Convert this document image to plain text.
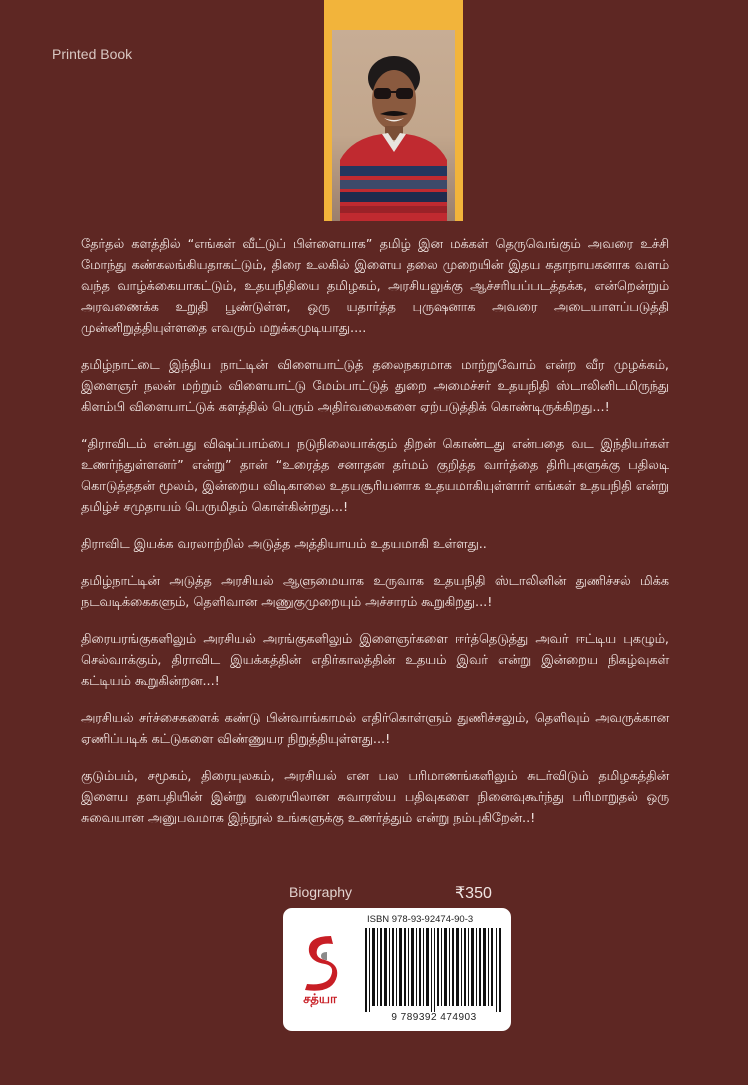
Printed Book

தேர்தல் களத்தில் “எங்கள் வீட்டுப் பிள்ளையாக” தமிழ் இன மக்கள் தெருவெங்கும் அவரை உச்சி மோந்து கண்கலங்கியதாகட்டும், திரை உலகில் இளைய தலை முறையின் இதய கதாநாயகனாக வளம் வந்த வாழ்க்கையாகட்டும், உதயநிதியை தமிழகம், அரசியலுக்கு ஆச்சரியப்படத்தக்க, என்றென்றும் அரவணைக்க உறுதி பூண்டுள்ள, ஒரு யதார்த்த புருஷனாக அவரை அடையாளப்படுத்தி முன்னிறுத்தியுள்ளதை எவரும் மறுக்கமுடியாது....

தமிழ்நாட்டை இந்திய நாட்டின் விளையாட்டுத் தலைநகரமாக மாற்றுவோம் என்ற வீர முழக்கம், இளைஞர் நலன் மற்றும் விளையாட்டு மேம்பாட்டுத் துறை அமைச்சர் உதயநிதி ஸ்டாலினிடமிருந்து கிளம்பி விளையாட்டுக் களத்தில் பெரும் அதிர்வலைகளை ஏற்படுத்திக் கொண்டிருக்கிறது...!

“திராவிடம் என்பது விஷப்பாம்பை நடுநிலையாக்கும் திறன் கொண்டது என்பதை வட இந்தியர்கள் உணர்ந்துள்ளனர்” என்று” தான் “உரைத்த சனாதன தர்மம் குறித்த வார்த்தை திரிபுகளுக்கு பதிலடி கொடுத்ததன் மூலம், இன்றைய விடிகாலை உதயசூரியனாக உதயமாகியுள்ளார் எங்கள் உதயநிதி என்று தமிழ்ச் சமுதாயம் பெருமிதம் கொள்கின்றது...!

திராவிட இயக்க வரலாற்றில் அடுத்த அத்தியாயம் உதயமாகி உள்ளது..

தமிழ்நாட்டின் அடுத்த அரசியல் ஆளுமையாக உருவாக உதயநிதி ஸ்டாலினின் துணிச்சல் மிக்க நடவடிக்கைகளும், தெளிவான அணுகுமுறையும் அச்சாரம் கூறுகிறது...!

திரையரங்குகளிலும் அரசியல் அரங்குகளிலும் இளைஞர்களை ஈர்த்தெடுத்து அவர் ஈட்டிய புகழும், செல்வாக்கும், திராவிட இயக்கத்தின் எதிர்காலத்தின் உதயம் இவர் என்று இன்றைய நிகழ்வுகள் கட்டியம் கூறுகின்றன...!

அரசியல் சர்ச்சைகளைக் கண்டு பின்வாங்காமல் எதிர்கொள்ளும் துணிச்சலும், தெளிவும் அவருக்கான ஏணிப்படிக் கட்டுகளை விண்ணுயர நிறுத்தியுள்ளது...!

குடும்பம், சமூகம், திரையுலகம், அரசியல் என பல பரிமாணங்களிலும் சுடர்விடும் தமிழகத்தின் இளைய தளபதியின் இன்று வரையிலான சுவாரஸ்ய பதிவுகளை நினைவுகூர்ந்து பரிமாறுதல் ஒரு சுவையான அனுபவமாக இந்நூல் உங்களுக்கு உணர்த்தும் என்று நம்புகிறேன்..!

Biography	₹350
ISBN 978-93-92474-90-3
சத்யா
9 789392 474903
